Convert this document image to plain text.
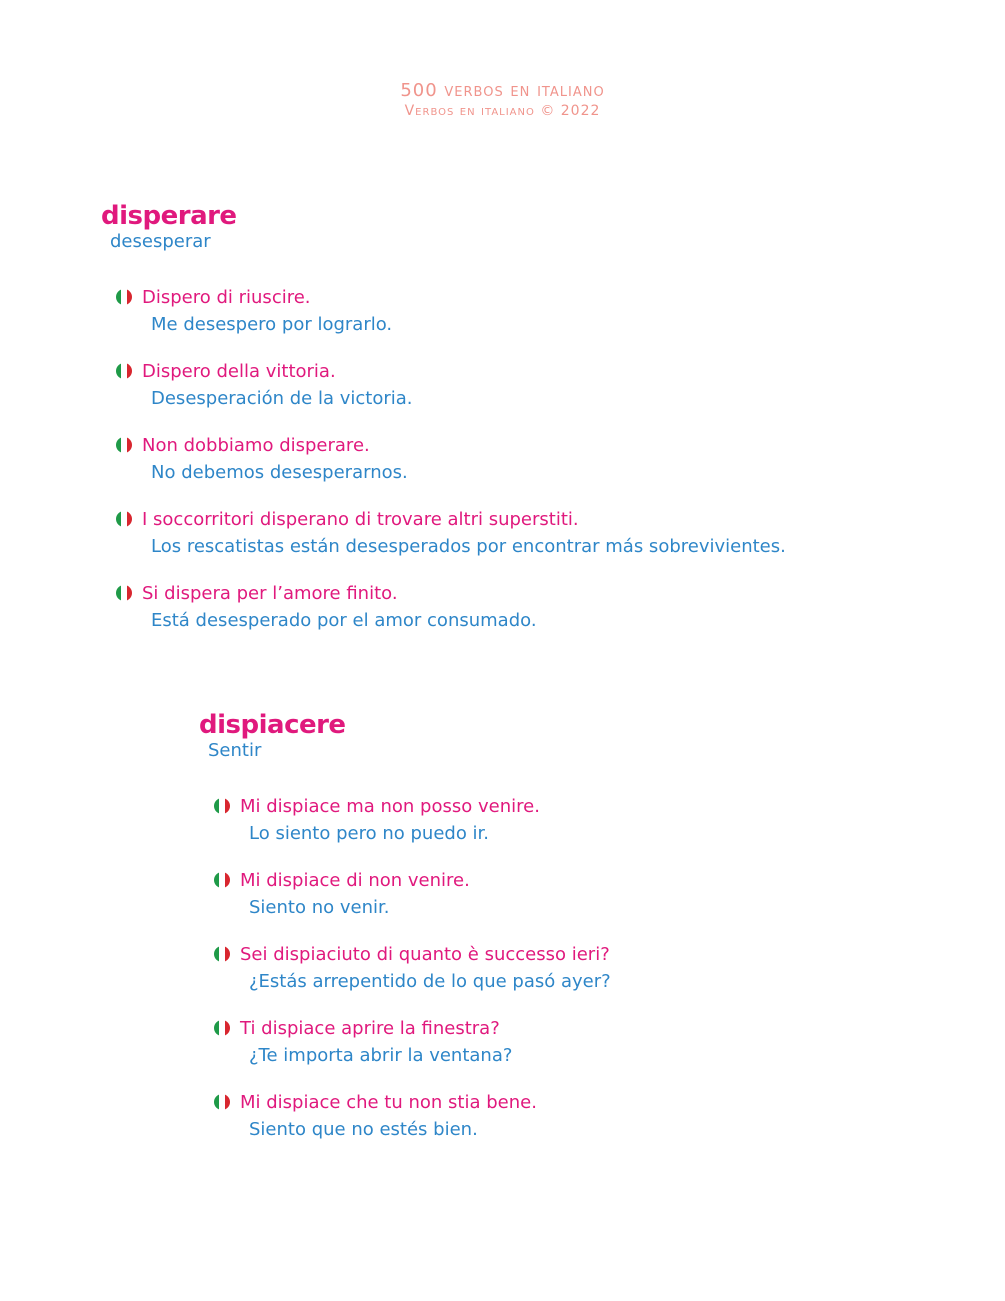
500 verbos en italiano
Verbos en italiano © 2022
disperare
desesperar
Dispero di riuscire.
Me desespero por lograrlo.
Dispero della vittoria.
Desesperación de la victoria.
Non dobbiamo disperare.
No debemos desesperarnos.
I soccorritori disperano di trovare altri superstiti.
Los rescatistas están desesperados por encontrar más sobrevivientes.
Si dispera per l’amore finito.
Está desesperado por el amor consumado.
dispiacere
Sentir
Mi dispiace ma non posso venire.
Lo siento pero no puedo ir.
Mi dispiace di non venire.
Siento no venir.
Sei dispiaciuto di quanto è successo ieri?
¿Estás arrepentido de lo que pasó ayer?
Ti dispiace aprire la finestra?
¿Te importa abrir la ventana?
Mi dispiace che tu non stia bene.
Siento que no estés bien.
